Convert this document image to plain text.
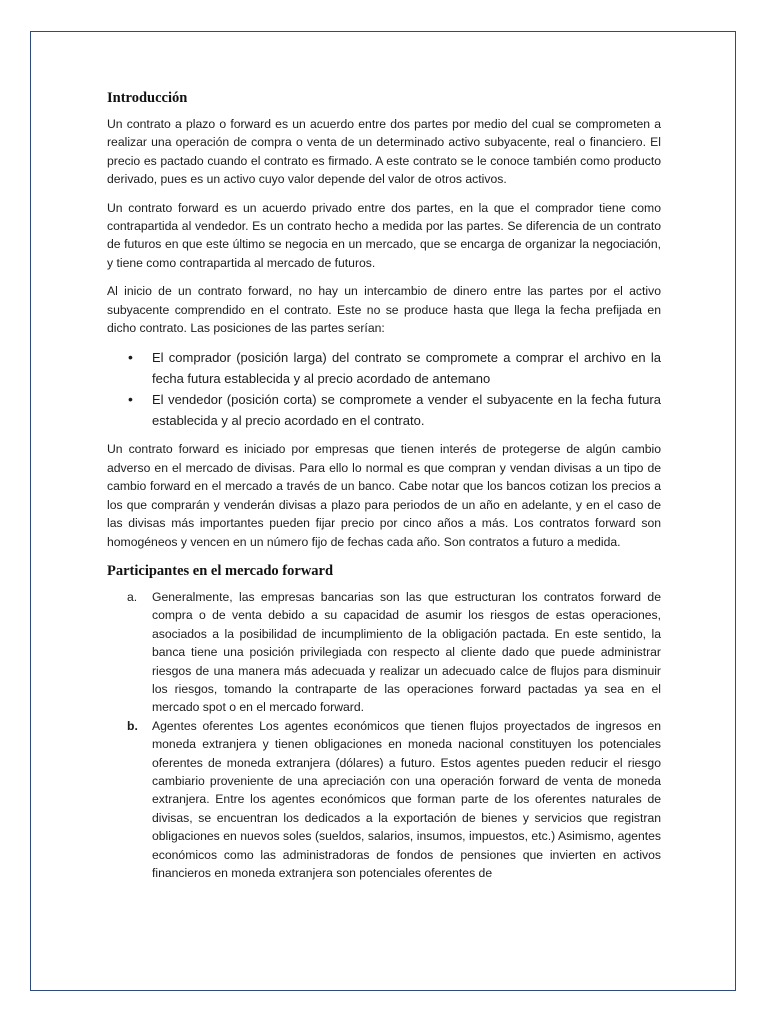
Introducción

Un contrato a plazo o forward es un acuerdo entre dos partes por medio del cual se comprometen a realizar una operación de compra o venta de un determinado activo subyacente, real o financiero. El precio es pactado cuando el contrato es firmado. A este contrato se le conoce también como producto derivado, pues es un activo cuyo valor depende del valor de otros activos.

Un contrato forward es un acuerdo privado entre dos partes, en la que el comprador tiene como contrapartida al vendedor. Es un contrato hecho a medida por las partes. Se diferencia de un contrato de futuros en que este último se negocia en un mercado, que se encarga de organizar la negociación, y tiene como contrapartida al mercado de futuros.

Al inicio de un contrato forward, no hay un intercambio de dinero entre las partes por el activo subyacente comprendido en el contrato. Este no se produce hasta que llega la fecha prefijada en dicho contrato. Las posiciones de las partes serían:

• El comprador (posición larga) del contrato se compromete a comprar el archivo en la fecha futura establecida y al precio acordado de antemano
• El vendedor (posición corta) se compromete a vender el subyacente en la fecha futura establecida y al precio acordado en el contrato.

Un contrato forward es iniciado por empresas que tienen interés de protegerse de algún cambio adverso en el mercado de divisas. Para ello lo normal es que compran y vendan divisas a un tipo de cambio forward en el mercado a través de un banco. Cabe notar que los bancos cotizan los precios a los que comprarán y venderán divisas a plazo para periodos de un año en adelante, y en el caso de las divisas más importantes pueden fijar precio por cinco años a más. Los contratos forward son homogéneos y vencen en un número fijo de fechas cada año. Son contratos a futuro a medida.

Participantes en el mercado forward
a. Generalmente, las empresas bancarias son las que estructuran los contratos forward de compra o de venta debido a su capacidad de asumir los riesgos de estas operaciones, asociados a la posibilidad de incumplimiento de la obligación pactada. En este sentido, la banca tiene una posición privilegiada con respecto al cliente dado que puede administrar riesgos de una manera más adecuada y realizar un adecuado calce de flujos para disminuir los riesgos, tomando la contraparte de las operaciones forward pactadas ya sea en el mercado spot o en el mercado forward.
b. Agentes oferentes Los agentes económicos que tienen flujos proyectados de ingresos en moneda extranjera y tienen obligaciones en moneda nacional constituyen los potenciales oferentes de moneda extranjera (dólares) a futuro. Estos agentes pueden reducir el riesgo cambiario proveniente de una apreciación con una operación forward de venta de moneda extranjera. Entre los agentes económicos que forman parte de los oferentes naturales de divisas, se encuentran los dedicados a la exportación de bienes y servicios que registran obligaciones en nuevos soles (sueldos, salarios, insumos, impuestos, etc.) Asimismo, agentes económicos como las administradoras de fondos de pensiones que invierten en activos financieros en moneda extranjera son potenciales oferentes de
